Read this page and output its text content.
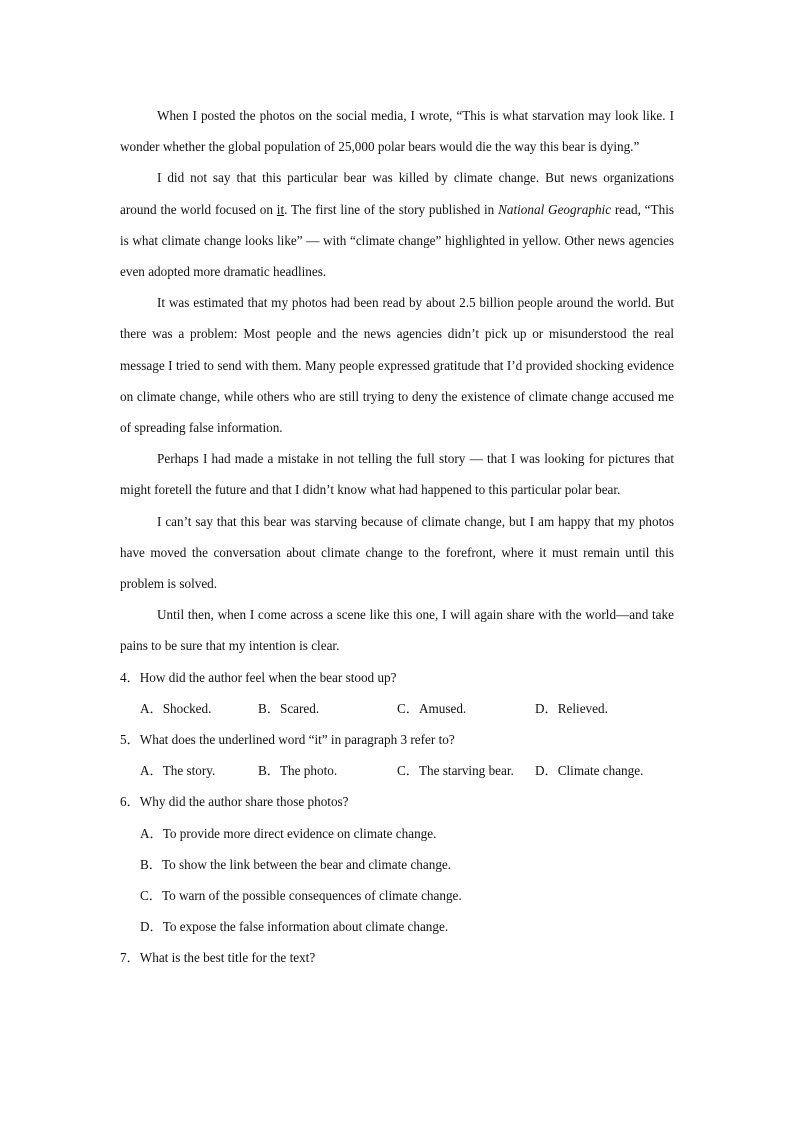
When I posted the photos on the social media, I wrote, “This is what starvation may look like. I wonder whether the global population of 25,000 polar bears would die the way this bear is dying.”

I did not say that this particular bear was killed by climate change. But news organizations around the world focused on it. The first line of the story published in National Geographic read, “This is what climate change looks like” — with “climate change” highlighted in yellow. Other news agencies even adopted more dramatic headlines.

It was estimated that my photos had been read by about 2.5 billion people around the world. But there was a problem: Most people and the news agencies didn’t pick up or misunderstood the real message I tried to send with them. Many people expressed gratitude that I’d provided shocking evidence on climate change, while others who are still trying to deny the existence of climate change accused me of spreading false information.

Perhaps I had made a mistake in not telling the full story — that I was looking for pictures that might foretell the future and that I didn’t know what had happened to this particular polar bear.

I can’t say that this bear was starving because of climate change, but I am happy that my photos have moved the conversation about climate change to the forefront, where it must remain until this problem is solved.

Until then, when I come across a scene like this one, I will again share with the world—and take pains to be sure that my intention is clear.

4．How did the author feel when the bear stood up?

A．Shocked.	B．Scared.	C．Amused.	D．Relieved.

5．What does the underlined word “it” in paragraph 3 refer to?

A．The story.	B．The photo.	C．The starving bear. D．Climate change.

6．Why did the author share those photos?

A．To provide more direct evidence on climate change.

B．To show the link between the bear and climate change.

C．To warn of the possible consequences of climate change.

D．To expose the false information about climate change.

7．What is the best title for the text?
